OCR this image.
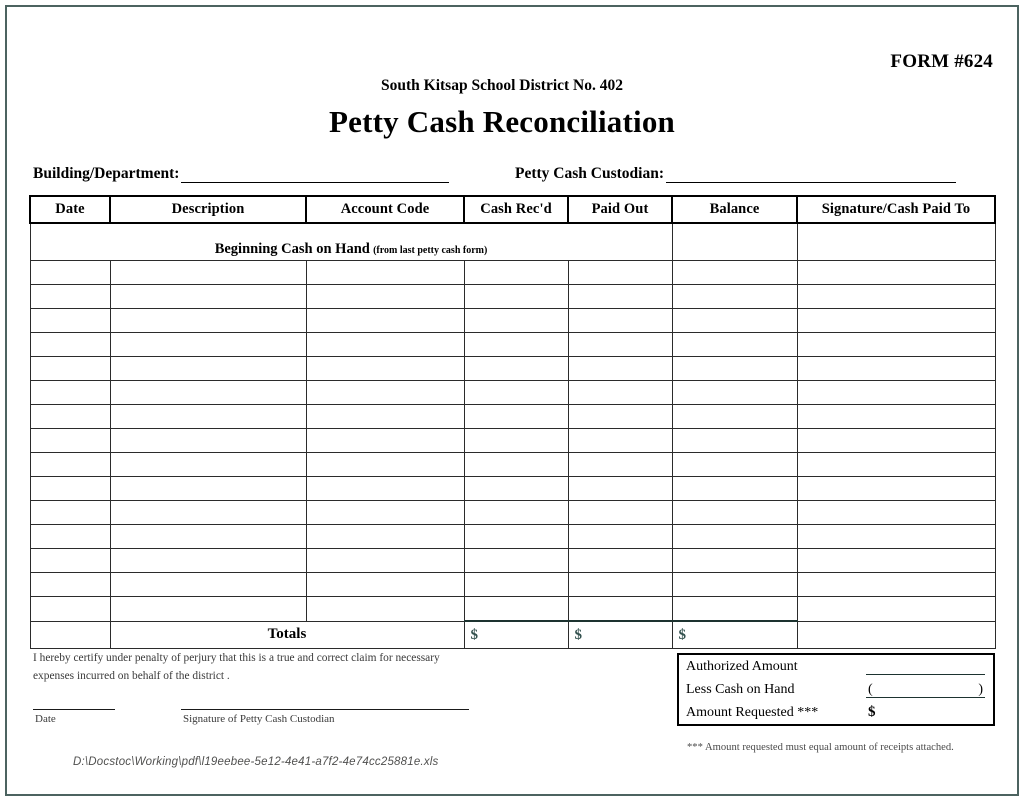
FORM #624
South Kitsap School District No. 402
Petty Cash Reconciliation
Building/Department:	Petty Cash Custodian:
Date	Description	Account Code	Cash Rec'd	Paid Out	Balance	Signature/Cash Paid To
Beginning Cash on Hand (from last petty cash form)						

	Totals		$	$	$	
I hereby certify under penalty of perjury that this is a true and correct claim for necessary expenses incurred on behalf of the district .
Date	Signature of Petty Cash Custodian
D:\Docstoc\Working\pdf\l19eebee-5e12-4e41-a7f2-4e74cc25881e.xls
Authorized Amount
Less Cash on Hand	(	)
Amount Requested ***	$
*** Amount requested must equal amount of receipts attached.
